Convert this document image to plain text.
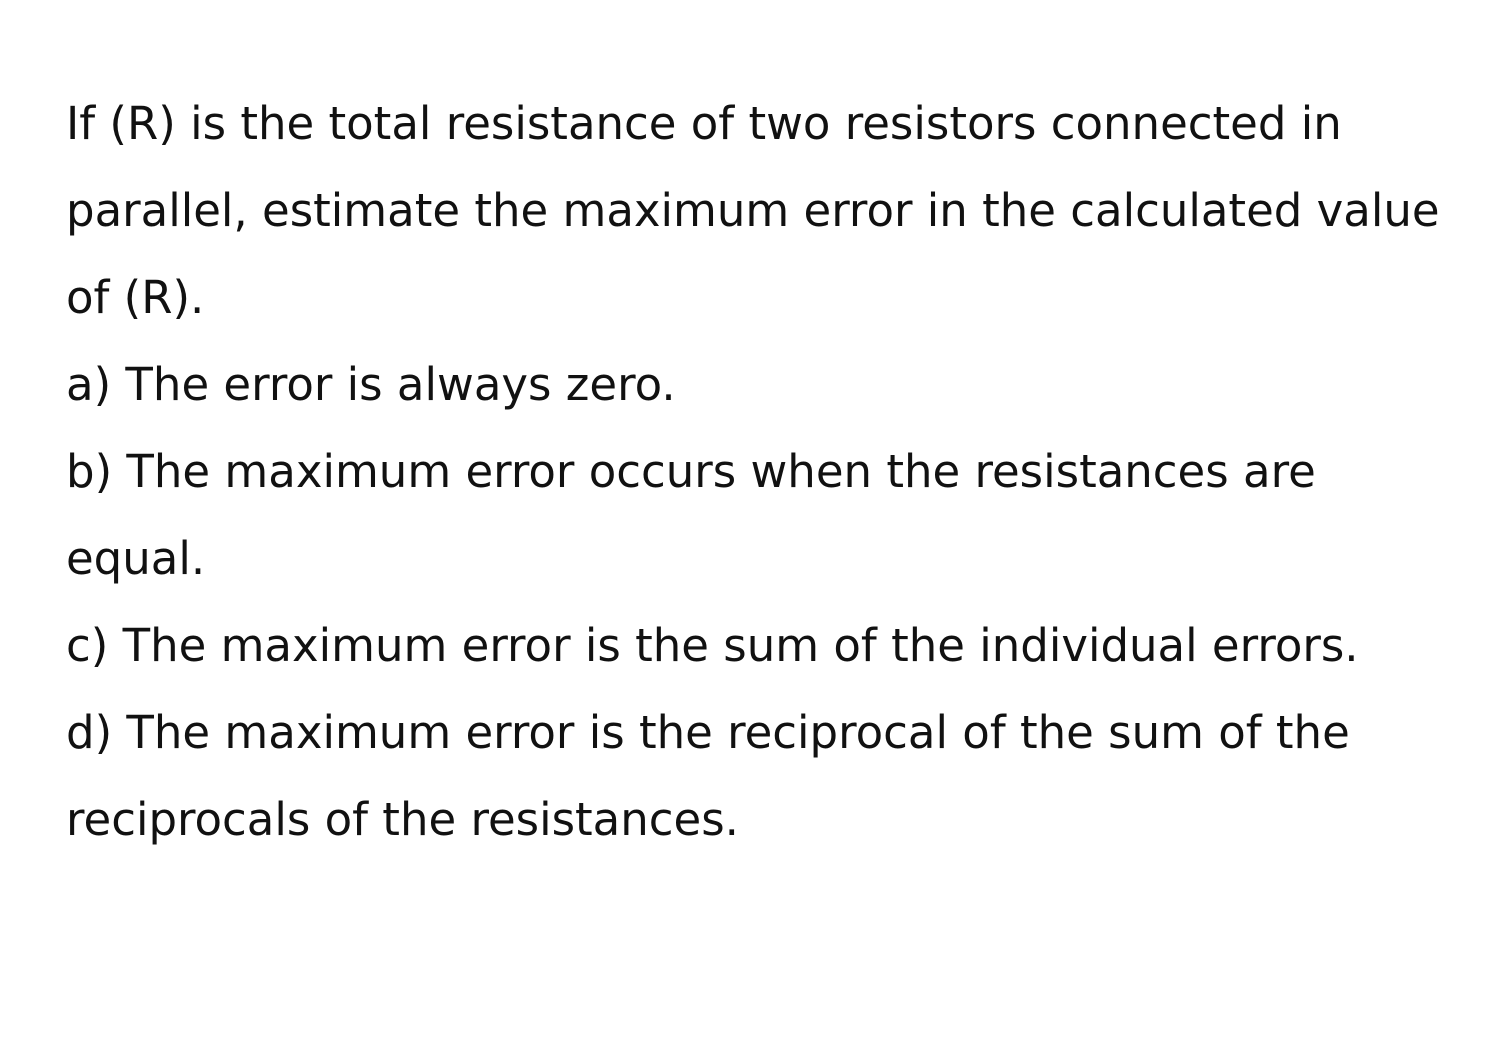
If (R) is the total resistance of two resistors connected in parallel, estimate the maximum error in the calculated value of (R).

a) The error is always zero.

b) The maximum error occurs when the resistances are equal.

c) The maximum error is the sum of the individual errors.

d) The maximum error is the reciprocal of the sum of the reciprocals of the resistances.
